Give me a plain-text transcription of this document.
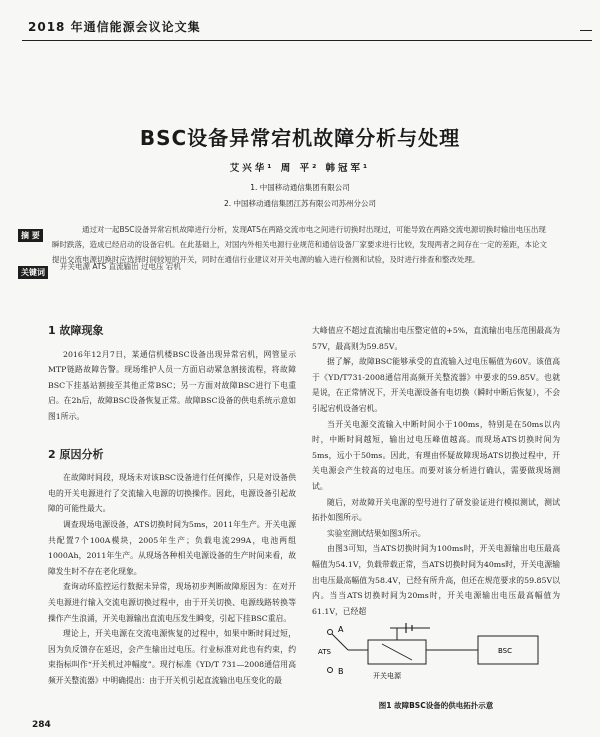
2018 年通信能源会议论文集
BSC设备异常宕机故障分析与处理
艾兴华¹ 周 平² 韩冠军¹
1. 中国移动通信集团有限公司
2. 中国移动通信集团江苏有限公司苏州分公司
摘 要
通过对一起BSC设备异常宕机故障进行分析，发现ATS在两路交流市电之间进行切换时出现过，可能导致在两路交流电源切换时输出电压出现瞬时跌落，造成已经启动的设备宕机。在此基础上，对国内外相关电源行业规范和通信设备厂家要求进行比较，发现两者之间存在一定的差距，本论文提出交流电源切换时应选择时间较短的开关，同时在通信行业建议对开关电源的输入进行检测和试验，及时进行排查和整改处理。
关键词
开关电源 ATS 直流输出 过电压 宕机
1 故障现象

2016年12月7日，某通信机楼BSC设备出现异常宕机，网管显示MTP链路故障告警。现场维护人员一方面启动紧急割接流程，将故障BSC下挂基站割接至其他正常BSC；另一方面对故障BSC进行下电重启。在2h后，故障BSC设备恢复正常。故障BSC设备的供电系统示意如图1所示。

2 原因分析

在故障时间段，现场未对该BSC设备进行任何操作，只是对设备供电的开关电源进行了交流输入电源的切换操作。因此，电源设备引起故障的可能性最大。

调查现场电源设备，ATS切换时间为5ms，2011年生产。开关电源共配置7个100A模块，2005年生产；负载电流299A，电池两组1000Ah，2011年生产。从现场各种相关电源设备的生产时间来看，故障发生时不存在老化现象。

查询动环监控运行数据未异常，现场初步判断故障原因为：在对开关电源进行输入交流电源切换过程中，由于开关切换、电源线路转换等操作产生浪涌，开关电源输出直流电压发生瞬变，引起下挂BSC重启。

理论上，开关电源在交流电源恢复的过程中，如果中断时间过短，因为负反馈存在延迟，会产生输出过电压。行业标准对此也有约束，约束指标叫作“开关机过冲幅度”。现行标准《YD/T 731—2008通信用高频开关整流器》中明确提出：由于开关机引起直流输出电压变化的最

大峰值应不超过直流输出电压整定值的+5%，直流输出电压范围最高为57V，最高则为59.85V。

据了解，故障BSC能够承受的直流输入过电压幅值为60V。该值高于《YD/T731-2008通信用高频开关整流器》中要求的59.85V。也就是说，在正常情况下，开关电源设备有电切换（瞬时中断后恢复），不会引起宕机设备宕机。

当开关电源交流输入中断时间小于100ms，特别是在50ms以内时，中断时间越短，输出过电压峰值越高。而现场ATS切换时间为5ms，远小于50ms。因此，有理由怀疑故障现场ATS切换过程中，开关电源会产生较高的过电压。而要对该分析进行确认，需要做现场测试。

随后，对故障开关电源的型号进行了研发验证进行模拟测试，测试拓扑如图所示。

实验室测试结果如图3所示。

由图3可知，当ATS切换时间为100ms时，开关电源输出电压最高幅值为54.1V，负载带载正常，当ATS切换时间为40ms时，开关电源输出电压最高幅值为58.4V，已经有所升高，但还在规范要求的59.85V以内。当当ATS切换时间为20ms时，开关电源输出电压最高幅值为61.1V，已经超

A
B
ATS
开关电源
BSC
图1 故障BSC设备的供电拓扑示意
284
